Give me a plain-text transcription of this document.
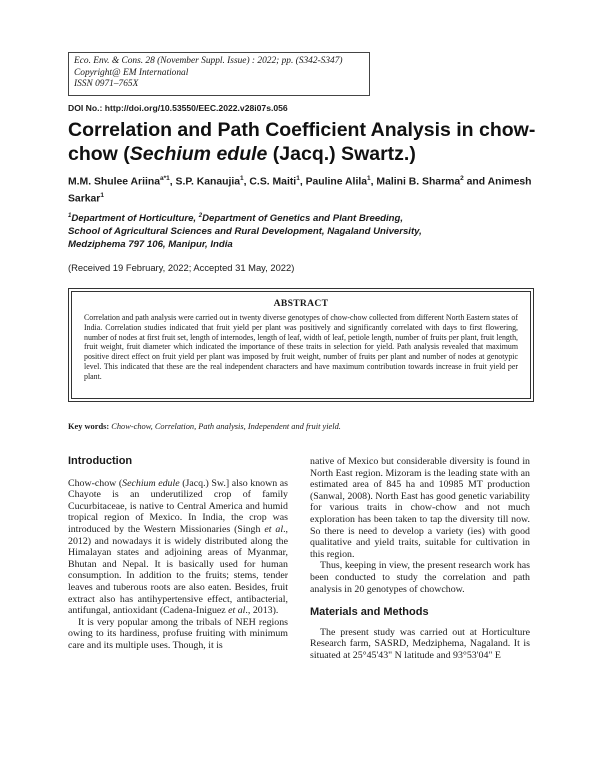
Eco. Env. & Cons. 28 (November Suppl. Issue) : 2022; pp. (S342-S347)
Copyright@ EM International
ISSN 0971–765X
DOI No.: http://doi.org/10.53550/EEC.2022.v28i07s.056
Correlation and Path Coefficient Analysis in chow-chow (Sechium edule (Jacq.) Swartz.)
M.M. Shulee Ariina$^{a*1}$, S.P. Kanaujia$^1$, C.S. Maiti$^1$, Pauline Alila$^1$, Malini B. Sharma$^2$ and Animesh Sarkar$^1$
$^1$Department of Horticulture, $^2$Department of Genetics and Plant Breeding,
School of Agricultural Sciences and Rural Development, Nagaland University,
Medziphema 797 106, Manipur, India
(Received 19 February, 2022; Accepted 31 May, 2022)
ABSTRACT
Correlation and path analysis were carried out in twenty diverse genotypes of chow-chow collected from different North Eastern states of India. Correlation studies indicated that fruit yield per plant was positively and significantly correlated with days to first flowering, number of nodes at first fruit set, length of internodes, length of leaf, width of leaf, petiole length, number of fruits per plant, fruit length, fruit weight, fruit diameter which indicated the importance of these traits in selection for yield. Path analysis revealed that maximum positive direct effect on fruit yield per plant was imposed by fruit weight, number of fruits per plant and number of nodes at genotypic level. This indicated that these are the real independent characters and have maximum contribution towards increase in fruit yield per plant.
Key words: Chow-chow, Correlation, Path analysis, Independent and fruit yield.
Introduction

Chow-chow (Sechium edule (Jacq.) Sw.] also known as Chayote is an underutilized crop of family Cucurbitaceae, is native to Central America and humid tropical region of Mexico. In India, the crop was introduced by the Western Missionaries (Singh et al., 2012) and nowadays it is widely distributed along the Himalayan states and adjoining areas of Myanmar, Bhutan and Nepal. It is basically used for human consumption. In addition to the fruits; stems, tender leaves and tuberous roots are also eaten. Besides, fruit extract also has antihypertensive effect, antibacterial, antifungal, antioxidant (Cadena-Iniguez et al., 2013).

It is very popular among the tribals of NEH regions owing to its hardiness, profuse fruiting with minimum care and its multiple uses. Though, it is

native of Mexico but considerable diversity is found in North East region. Mizoram is the leading state with an estimated area of 845 ha and 10985 MT production (Sanwal, 2008). North East has good genetic variability for various traits in chow-chow and not much exploration has been taken to tap the diversity till now. So there is need to develop a variety (ies) with good qualitative and yield traits, suitable for cultivation in this region.

Thus, keeping in view, the present research work has been conducted to study the correlation and path analysis in 20 genotypes of chowchow.

Materials and Methods

The present study was carried out at Horticulture Research farm, SASRD, Medziphema, Nagaland. It is situated at 25°45'43" N latitude and 93°53'04" E
